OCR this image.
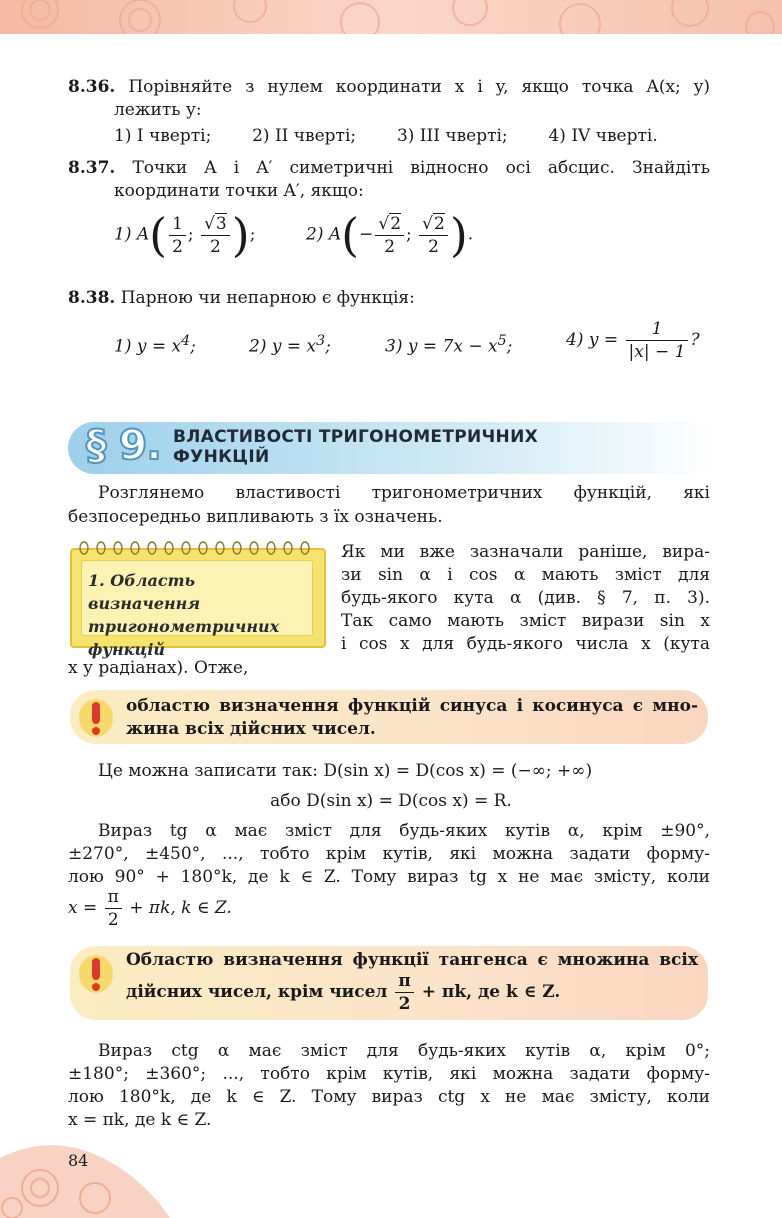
8.36. Порівняйте з нулем координати x і y, якщо точка A(x; y)
лежить у:
1) I чверті; 2) II чверті; 3) III чверті; 4) IV чверті.
8.37. Точки A і A′ симетричні відносно осі абсцис. Знайдіть
координати точки A′, якщо:
1) $A( \frac{1}{2}$ ; $\frac{√3}{2}$ );	2) $A(- \frac{√2}{2}$ ; $\frac{√2}{2}$ ).
8.38. Парною чи непарною є функція:
1) $y = x^4$;	2) $y = x^3$;	3) $y = 7x - x^5$;	4) $y = \frac{1}{|x| - 1}$ ?
§ 9. ВЛАСТИВОСТІ ТРИГОНОМЕТРИЧНИХ
ФУНКЦІЙ
Розглянемо властивості тригонометричних функцій, які
безпосередньо випливають з їх означень.
1. Область визначення
тригонометричних
функцій
Як ми вже зазначали раніше, вира-
зи sin α і cos α мають зміст для
будь-якого кута α (див. § 7, п. 3).
Так само мають зміст вирази sin x
і cos x для будь-якого числа x (кута
x у радіанах). Отже,
областю визначення функцій синуса і косинуса є мно-
жина всіх дійсних чисел.
Це можна записати так: D(sin x) = D(cos x) = (−∞; +∞)
або D(sin x) = D(cos x) = R.
Вираз tg α має зміст для будь-яких кутів α, крім ±90°,
±270°, ±450°, ..., тобто крім кутів, які можна задати форму-
лою 90° + 180°k, де k ∈ Z. Тому вираз tg x не має змісту, коли
$x = \frac{\pi}{2} + \pi k$, k ∈ Z.
Областю визначення функції тангенса є множина всіх
дійсних чисел, крім чисел $\frac{\pi}{2} + \pi k$, де k ∈ Z.
Вираз ctg α має зміст для будь-яких кутів α, крім 0°;
±180°; ±360°; ..., тобто крім кутів, які можна задати форму-
лою 180°k, де k ∈ Z. Тому вираз ctg x не має змісту, коли
x = πk, де k ∈ Z.
84
